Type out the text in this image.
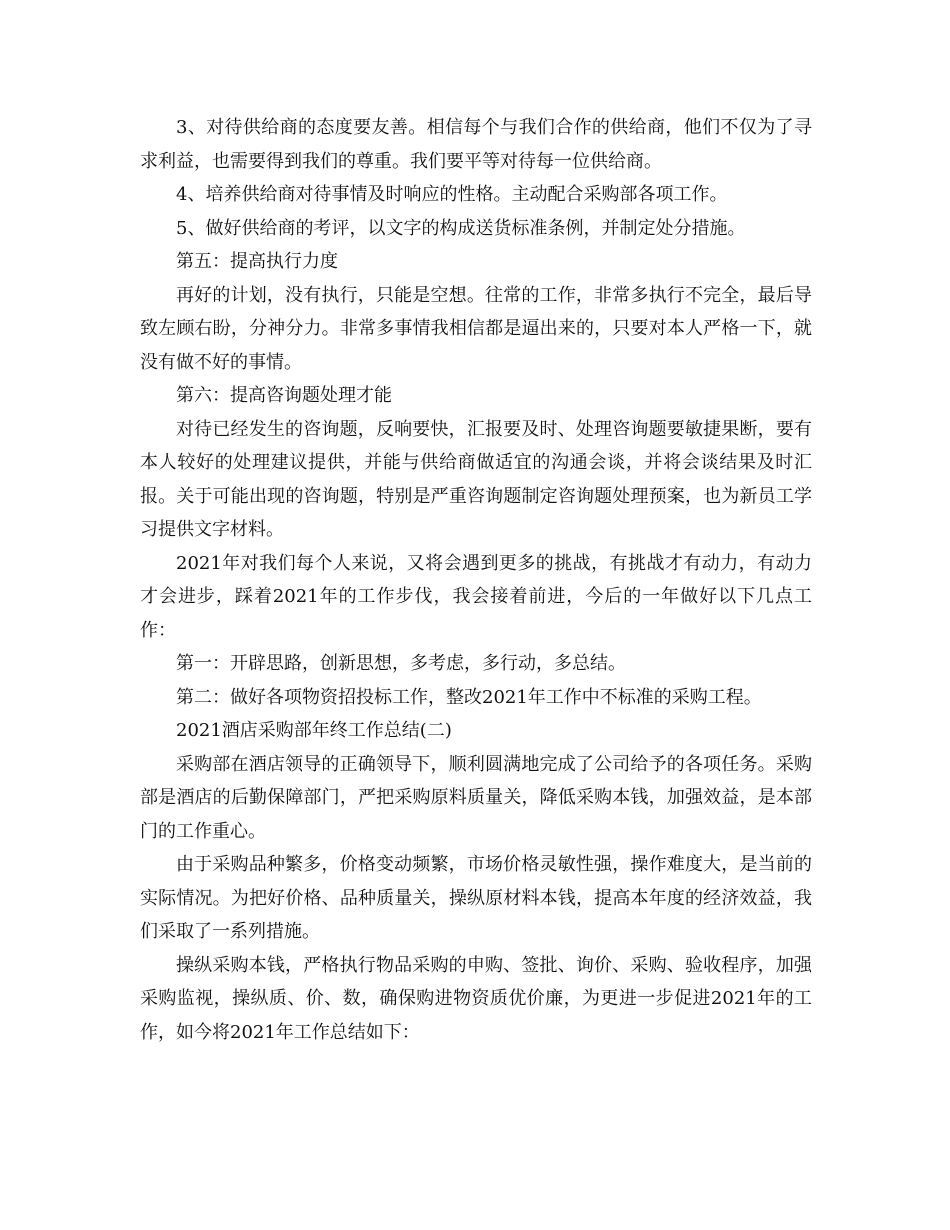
3、对待供给商的态度要友善。相信每个与我们合作的供给商，他们不仅为了寻求利益，也需要得到我们的尊重。我们要平等对待每一位供给商。

4、培养供给商对待事情及时响应的性格。主动配合采购部各项工作。

5、做好供给商的考评，以文字的构成送货标准条例，并制定处分措施。

第五：提高执行力度

再好的计划，没有执行，只能是空想。往常的工作，非常多执行不完全，最后导致左顾右盼，分神分力。非常多事情我相信都是逼出来的，只要对本人严格一下，就没有做不好的事情。

第六：提高咨询题处理才能

对待已经发生的咨询题，反响要快，汇报要及时、处理咨询题要敏捷果断，要有本人较好的处理建议提供，并能与供给商做适宜的沟通会谈，并将会谈结果及时汇报。关于可能出现的咨询题，特别是严重咨询题制定咨询题处理预案，也为新员工学习提供文字材料。

2021年对我们每个人来说，又将会遇到更多的挑战，有挑战才有动力，有动力才会进步，踩着2021年的工作步伐，我会接着前进，今后的一年做好以下几点工作：

第一：开辟思路，创新思想，多考虑，多行动，多总结。

第二：做好各项物资招投标工作，整改2021年工作中不标准的采购工程。

2021酒店采购部年终工作总结(二)

采购部在酒店领导的正确领导下，顺利圆满地完成了公司给予的各项任务。采购部是酒店的后勤保障部门，严把采购原料质量关，降低采购本钱，加强效益，是本部门的工作重心。

由于采购品种繁多，价格变动频繁，市场价格灵敏性强，操作难度大，是当前的实际情况。为把好价格、品种质量关，操纵原材料本钱，提高本年度的经济效益，我们采取了一系列措施。

操纵采购本钱，严格执行物品采购的申购、签批、询价、采购、验收程序，加强采购监视，操纵质、价、数，确保购进物资质优价廉，为更进一步促进2021年的工作，如今将2021年工作总结如下：
